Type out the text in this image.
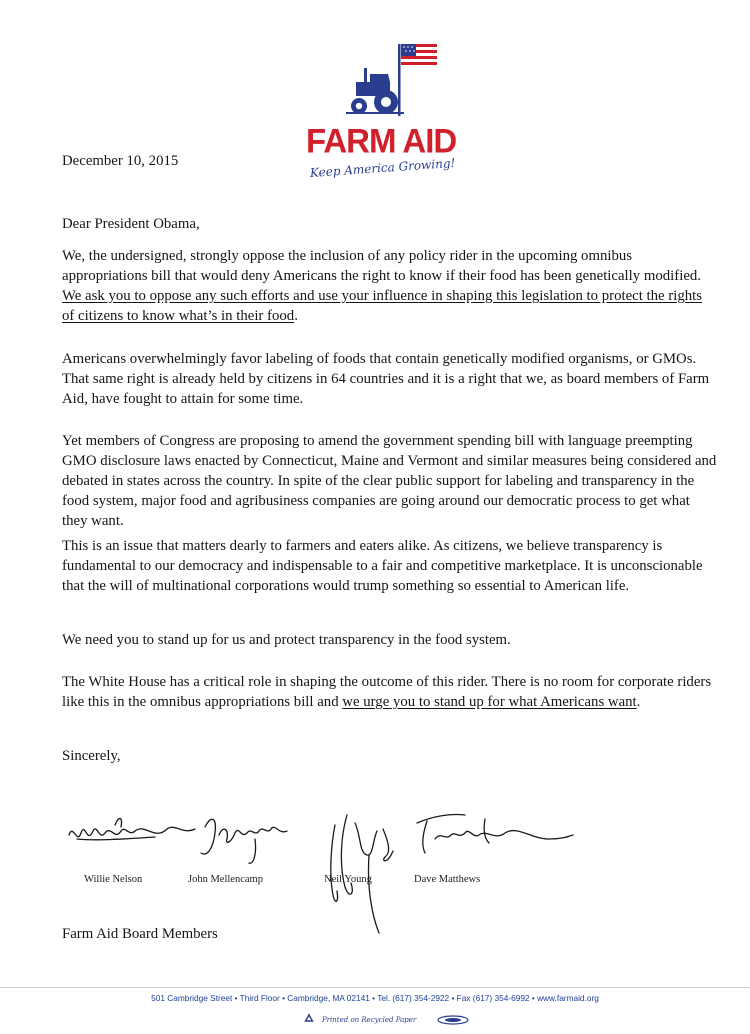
FARM AID
Keep America Growing!

December 10, 2015

Dear President Obama,

We, the undersigned, strongly oppose the inclusion of any policy rider in the upcoming omnibus appropriations bill that would deny Americans the right to know if their food has been genetically modified. We ask you to oppose any such efforts and use your influence in shaping this legislation to protect the rights of citizens to know what’s in their food.

Americans overwhelmingly favor labeling of foods that contain genetically modified organisms, or GMOs. That same right is already held by citizens in 64 countries and it is a right that we, as board members of Farm Aid, have fought to attain for some time.

Yet members of Congress are proposing to amend the government spending bill with language preempting GMO disclosure laws enacted by Connecticut, Maine and Vermont and similar measures being considered and debated in states across the country. In spite of the clear public support for labeling and transparency in the food system, major food and agribusiness companies are going around our democratic process to get what they want.

This is an issue that matters dearly to farmers and eaters alike. As citizens, we believe transparency is fundamental to our democracy and indispensable to a fair and competitive marketplace. It is unconscionable that the will of multinational corporations would trump something so essential to American life.

We need you to stand up for us and protect transparency in the food system.

The White House has a critical role in shaping the outcome of this rider. There is no room for corporate riders like this in the omnibus appropriations bill and we urge you to stand up for what Americans want.

Sincerely,

Willie Nelson	John Mellencamp	Neil Young	Dave Matthews

Farm Aid Board Members

501 Cambridge Street • Third Floor • Cambridge, MA 02141 • Tel. (617) 354-2922 • Fax (617) 354-6992 • www.farmaid.org
Printed on Recycled Paper
